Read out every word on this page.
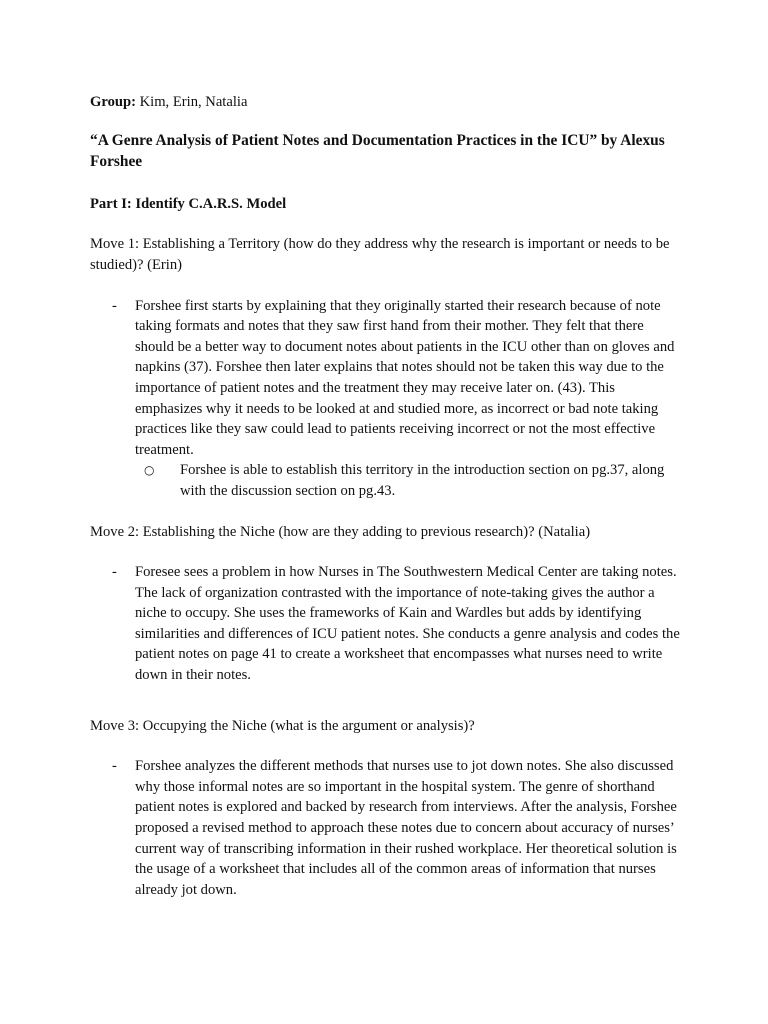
Group: Kim, Erin, Natalia

“A Genre Analysis of Patient Notes and Documentation Practices in the ICU” by Alexus Forshee
Part I: Identify C.A.R.S. Model
Move 1: Establishing a Territory (how do they address why the research is important or needs to be studied)? (Erin)
- Forshee first starts by explaining that they originally started their research because of note taking formats and notes that they saw first hand from their mother. They felt that there should be a better way to document notes about patients in the ICU other than on gloves and napkins (37). Forshee then later explains that notes should not be taken this way due to the importance of patient notes and the treatment they may receive later on. (43). This emphasizes why it needs to be looked at and studied more, as incorrect or bad note taking practices like they saw could lead to patients receiving incorrect or not the most effective treatment.
○ Forshee is able to establish this territory in the introduction section on pg.37, along with the discussion section on pg.43.
Move 2: Establishing the Niche (how are they adding to previous research)? (Natalia)
- Foresee sees a problem in how Nurses in The Southwestern Medical Center are taking notes. The lack of organization contrasted with the importance of note-taking gives the author a niche to occupy. She uses the frameworks of Kain and Wardles but adds by identifying similarities and differences of ICU patient notes. She conducts a genre analysis and codes the patient notes on page 41 to create a worksheet that encompasses what nurses need to write down in their notes.
Move 3: Occupying the Niche (what is the argument or analysis)?
- Forshee analyzes the different methods that nurses use to jot down notes. She also discussed why those informal notes are so important in the hospital system. The genre of shorthand patient notes is explored and backed by research from interviews. After the analysis, Forshee proposed a revised method to approach these notes due to concern about accuracy of nurses’ current way of transcribing information in their rushed workplace. Her theoretical solution is the usage of a worksheet that includes all of the common areas of information that nurses already jot down.
